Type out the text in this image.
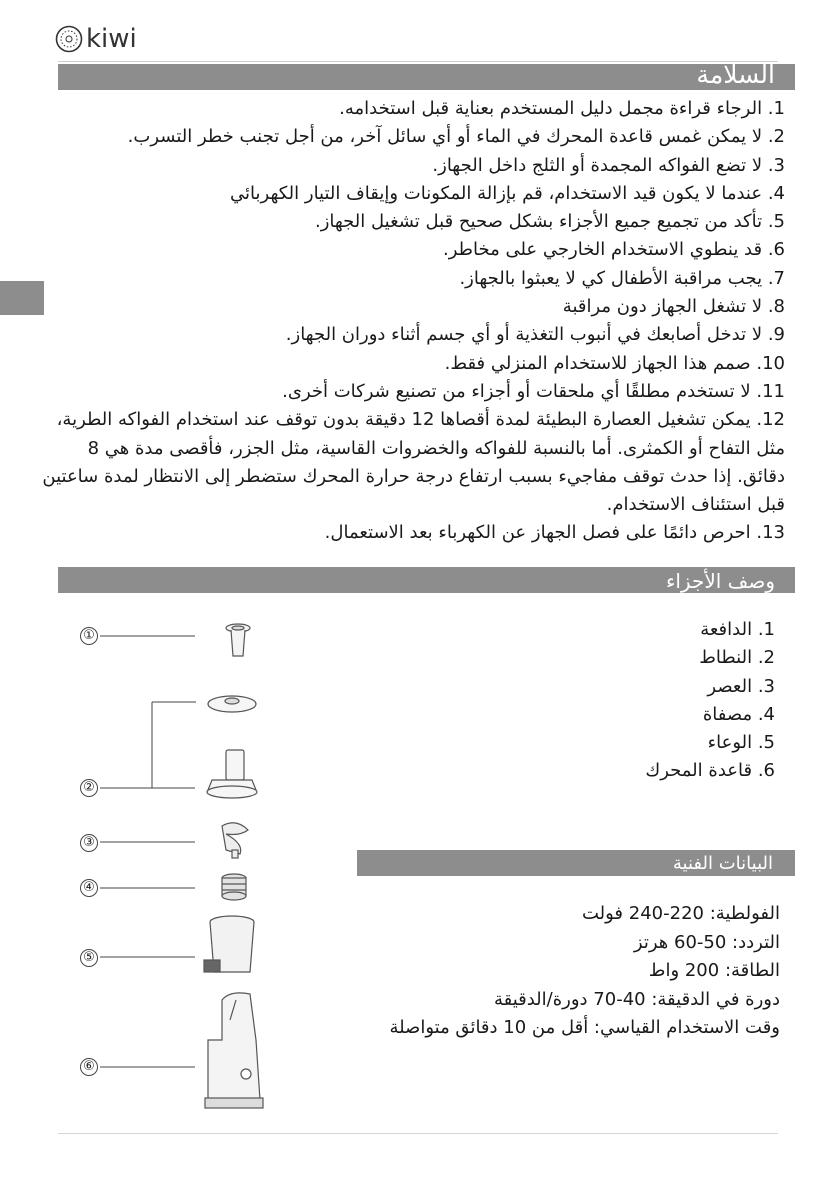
kiwi
السلامة
1. الرجاء قراءة مجمل دليل المستخدم بعناية قبل استخدامه.
2. لا يمكن غمس قاعدة المحرك في الماء أو أي سائل آخر، من أجل تجنب خطر التسرب.
3. لا تضع الفواكه المجمدة أو الثلج داخل الجهاز.
4. عندما لا يكون قيد الاستخدام، قم بإزالة المكونات وإيقاف التيار الكهربائي
5. تأكد من تجميع جميع الأجزاء بشكل صحيح قبل تشغيل الجهاز.
6. قد ينطوي الاستخدام الخارجي على مخاطر.
7. يجب مراقبة الأطفال كي لا يعبثوا بالجهاز.
8. لا تشغل الجهاز دون مراقبة
9. لا تدخل أصابعك في أنبوب التغذية أو أي جسم أثناء دوران الجهاز.
10. صمم هذا الجهاز للاستخدام المنزلي فقط.
11. لا تستخدم مطلقًا أي ملحقات أو أجزاء من تصنيع شركات أخرى.
12. يمكن تشغيل العصارة البطيئة لمدة أقصاها 12 دقيقة بدون توقف عند استخدام الفواكه الطرية، مثل التفاح أو الكمثرى. أما بالنسبة للفواكه والخضروات القاسية، مثل الجزر، فأقصى مدة هي 8 دقائق. إذا حدث توقف مفاجيء بسبب ارتفاع درجة حرارة المحرك ستضطر إلى الانتظار لمدة ساعتين قبل استئناف الاستخدام.
13. احرص دائمًا على فصل الجهاز عن الكهرباء بعد الاستعمال.
وصف الأجزاء
1. الدافعة
2. النطاط
3. العصر
4. مصفاة
5. الوعاء
6. قاعدة المحرك
①
②
③
④
⑤
⑥
البيانات الفنية
الفولطية: 220-240 فولت
التردد: 50-60 هرتز
الطاقة: 200 واط
دورة في الدقيقة: 40-70 دورة/الدقيقة
وقت الاستخدام القياسي: أقل من 10 دقائق متواصلة
